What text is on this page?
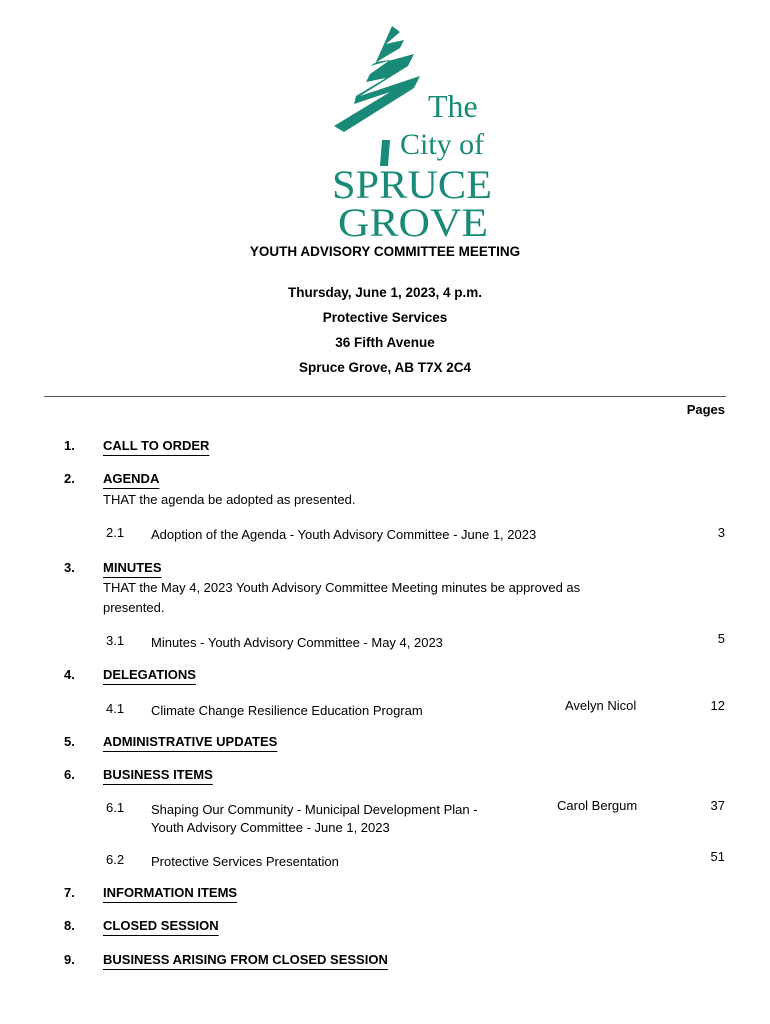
The
City of
SPRUCE
GROVE
YOUTH ADVISORY COMMITTEE MEETING
Thursday, June 1, 2023, 4 p.m.
Protective Services
36 Fifth Avenue
Spruce Grove, AB T7X 2C4
Pages
1. CALL TO ORDER
2. AGENDA
THAT the agenda be adopted as presented.
2.1 Adoption of the Agenda - Youth Advisory Committee - June 1, 2023	3
3. MINUTES
THAT the May 4, 2023 Youth Advisory Committee Meeting minutes be approved as presented.
3.1 Minutes - Youth Advisory Committee - May 4, 2023	5
4. DELEGATIONS
4.1 Climate Change Resilience Education Program	Avelyn Nicol	12
5. ADMINISTRATIVE UPDATES
6. BUSINESS ITEMS
6.1 Shaping Our Community - Municipal Development Plan -
Youth Advisory Committee - June 1, 2023
Carol Bergum	37
6.2 Protective Services Presentation	51
7. INFORMATION ITEMS
8. CLOSED SESSION
9. BUSINESS ARISING FROM CLOSED SESSION
